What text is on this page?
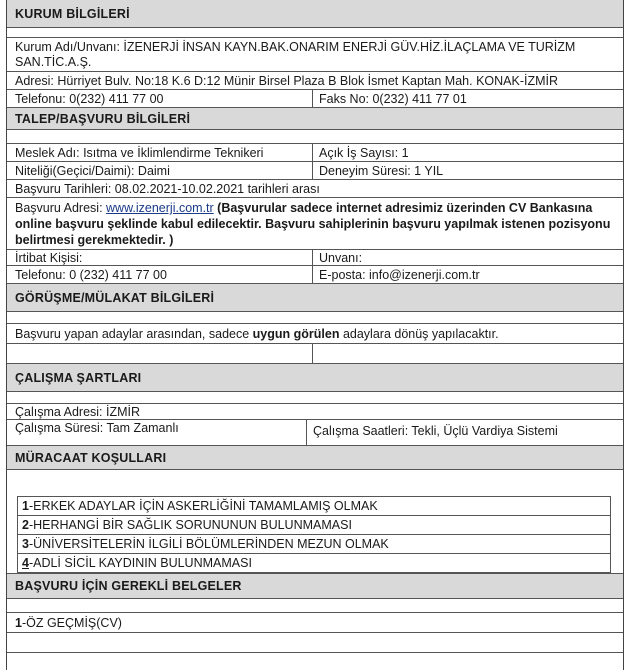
KURUM BİLGİLERİ
Kurum Adı/Unvanı: İZENERJİ İNSAN KAYN.BAK.ONARIM ENERJİ GÜV.HİZ.İLAÇLAMA VE TURİZM SAN.TİC.A.Ş.
Adresi: Hürriyet Bulv. No:18 K.6 D:12 Münir Birsel Plaza B Blok İsmet Kaptan Mah. KONAK-İZMİR
Telefonu: 0(232) 411 77 00	Faks No: 0(232) 411 77 01
TALEP/BAŞVURU BİLGİLERİ
Meslek Adı: Isıtma ve İklimlendirme Teknikeri	Açık İş Sayısı: 1
Niteliği(Geçici/Daimi): Daimi	Deneyim Süresi: 1 YIL
Başvuru Tarihleri: 08.02.2021-10.02.2021 tarihleri arası
Başvuru Adresi: www.izenerji.com.tr (Başvurular sadece internet adresimiz üzerinden CV Bankasına online başvuru şeklinde kabul edilecektir. Başvuru sahiplerinin başvuru yapılmak istenen pozisyonu belirtmesi gerekmektedir. )
İrtibat Kişisi:	Unvanı:
Telefonu: 0 (232) 411 77 00	E-posta: info@izenerji.com.tr
GÖRÜŞME/MÜLAKAT BİLGİLERİ
Başvuru yapan adaylar arasından, sadece uygun görülen adaylara dönüş yapılacaktır.
ÇALIŞMA ŞARTLARI
Çalışma Adresi: İZMİR
Çalışma Süresi: Tam Zamanlı	Çalışma Saatleri: Tekli, Üçlü Vardiya Sistemi
MÜRACAAT KOŞULLARI
1 -ERKEK ADAYLAR İÇİN ASKERLİĞİNİ TAMAMLAMIŞ OLMAK
2 -HERHANGİ BİR SAĞLIK SORUNUNUN BULUNMAMASI
3 -ÜNİVERSİTELERİN İLGİLİ BÖLÜMLERİNDEN MEZUN OLMAK
4 -ADLİ SİCİL KAYDININ BULUNMAMASI
BAŞVURU İÇİN GEREKLİ BELGELER
1-ÖZ GEÇMİŞ(CV)
